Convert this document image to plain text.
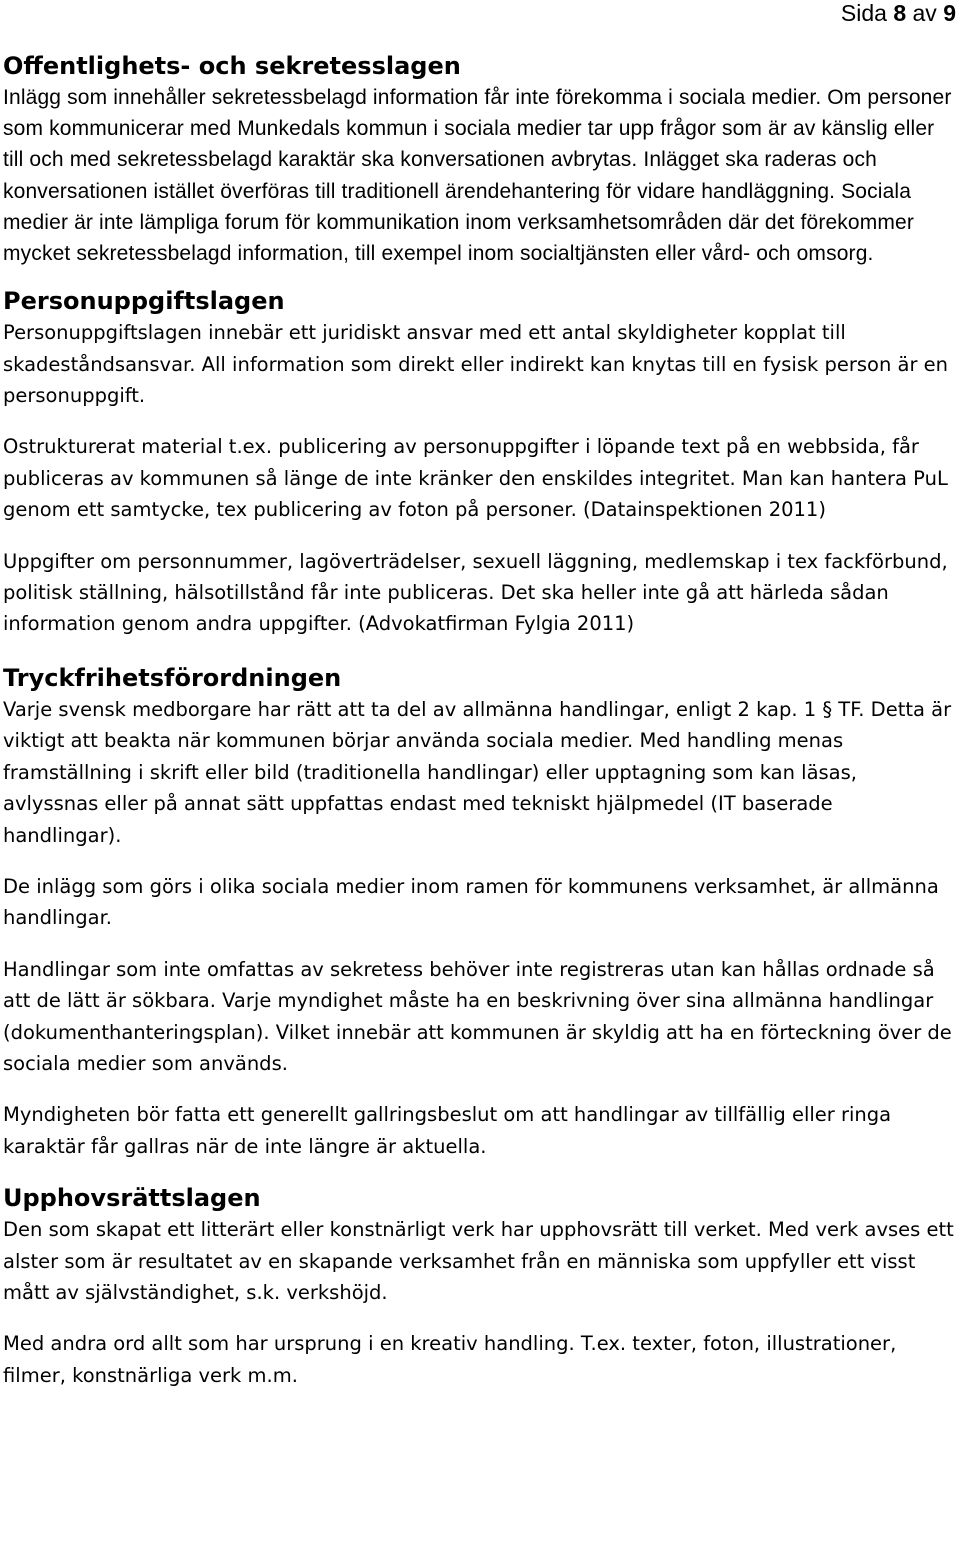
Sida 8 av 9
Offentlighets- och sekretesslagen

Inlägg som innehåller sekretessbelagd information får inte förekomma i sociala medier. Om personer som kommunicerar med Munkedals kommun i sociala medier tar upp frågor som är av känslig eller till och med sekretessbelagd karaktär ska konversationen avbrytas. Inlägget ska raderas och konversationen istället överföras till traditionell ärendehantering för vidare handläggning. Sociala medier är inte lämpliga forum för kommunikation inom verksamhetsområden där det förekommer mycket sekretessbelagd information, till exempel inom socialtjänsten eller vård- och omsorg.

Personuppgiftslagen

Personuppgiftslagen innebär ett juridiskt ansvar med ett antal skyldigheter kopplat till skadeståndsansvar. All information som direkt eller indirekt kan knytas till en fysisk person är en personuppgift.

Ostrukturerat material t.ex. publicering av personuppgifter i löpande text på en webbsida, får publiceras av kommunen så länge de inte kränker den enskildes integritet. Man kan hantera PuL genom ett samtycke, tex publicering av foton på personer. (Datainspektionen 2011)

Uppgifter om personnummer, lagöverträdelser, sexuell läggning, medlemskap i tex fackförbund, politisk ställning, hälsotillstånd får inte publiceras. Det ska heller inte gå att härleda sådan information genom andra uppgifter. (Advokatfirman Fylgia 2011)

Tryckfrihetsförordningen

Varje svensk medborgare har rätt att ta del av allmänna handlingar, enligt 2 kap. 1 § TF. Detta är viktigt att beakta när kommunen börjar använda sociala medier. Med handling menas framställning i skrift eller bild (traditionella handlingar) eller upptagning som kan läsas, avlyssnas eller på annat sätt uppfattas endast med tekniskt hjälpmedel (IT baserade handlingar).

De inlägg som görs i olika sociala medier inom ramen för kommunens verksamhet, är allmänna handlingar.

Handlingar som inte omfattas av sekretess behöver inte registreras utan kan hållas ordnade så att de lätt är sökbara. Varje myndighet måste ha en beskrivning över sina allmänna handlingar (dokumenthanteringsplan). Vilket innebär att kommunen är skyldig att ha en förteckning över de sociala medier som används.

Myndigheten bör fatta ett generellt gallringsbeslut om att handlingar av tillfällig eller ringa karaktär får gallras när de inte längre är aktuella.

Upphovsrättslagen

Den som skapat ett litterärt eller konstnärligt verk har upphovsrätt till verket. Med verk avses ett alster som är resultatet av en skapande verksamhet från en människa som uppfyller ett visst mått av självständighet, s.k. verkshöjd.

Med andra ord allt som har ursprung i en kreativ handling. T.ex. texter, foton, illustrationer, filmer, konstnärliga verk m.m.
